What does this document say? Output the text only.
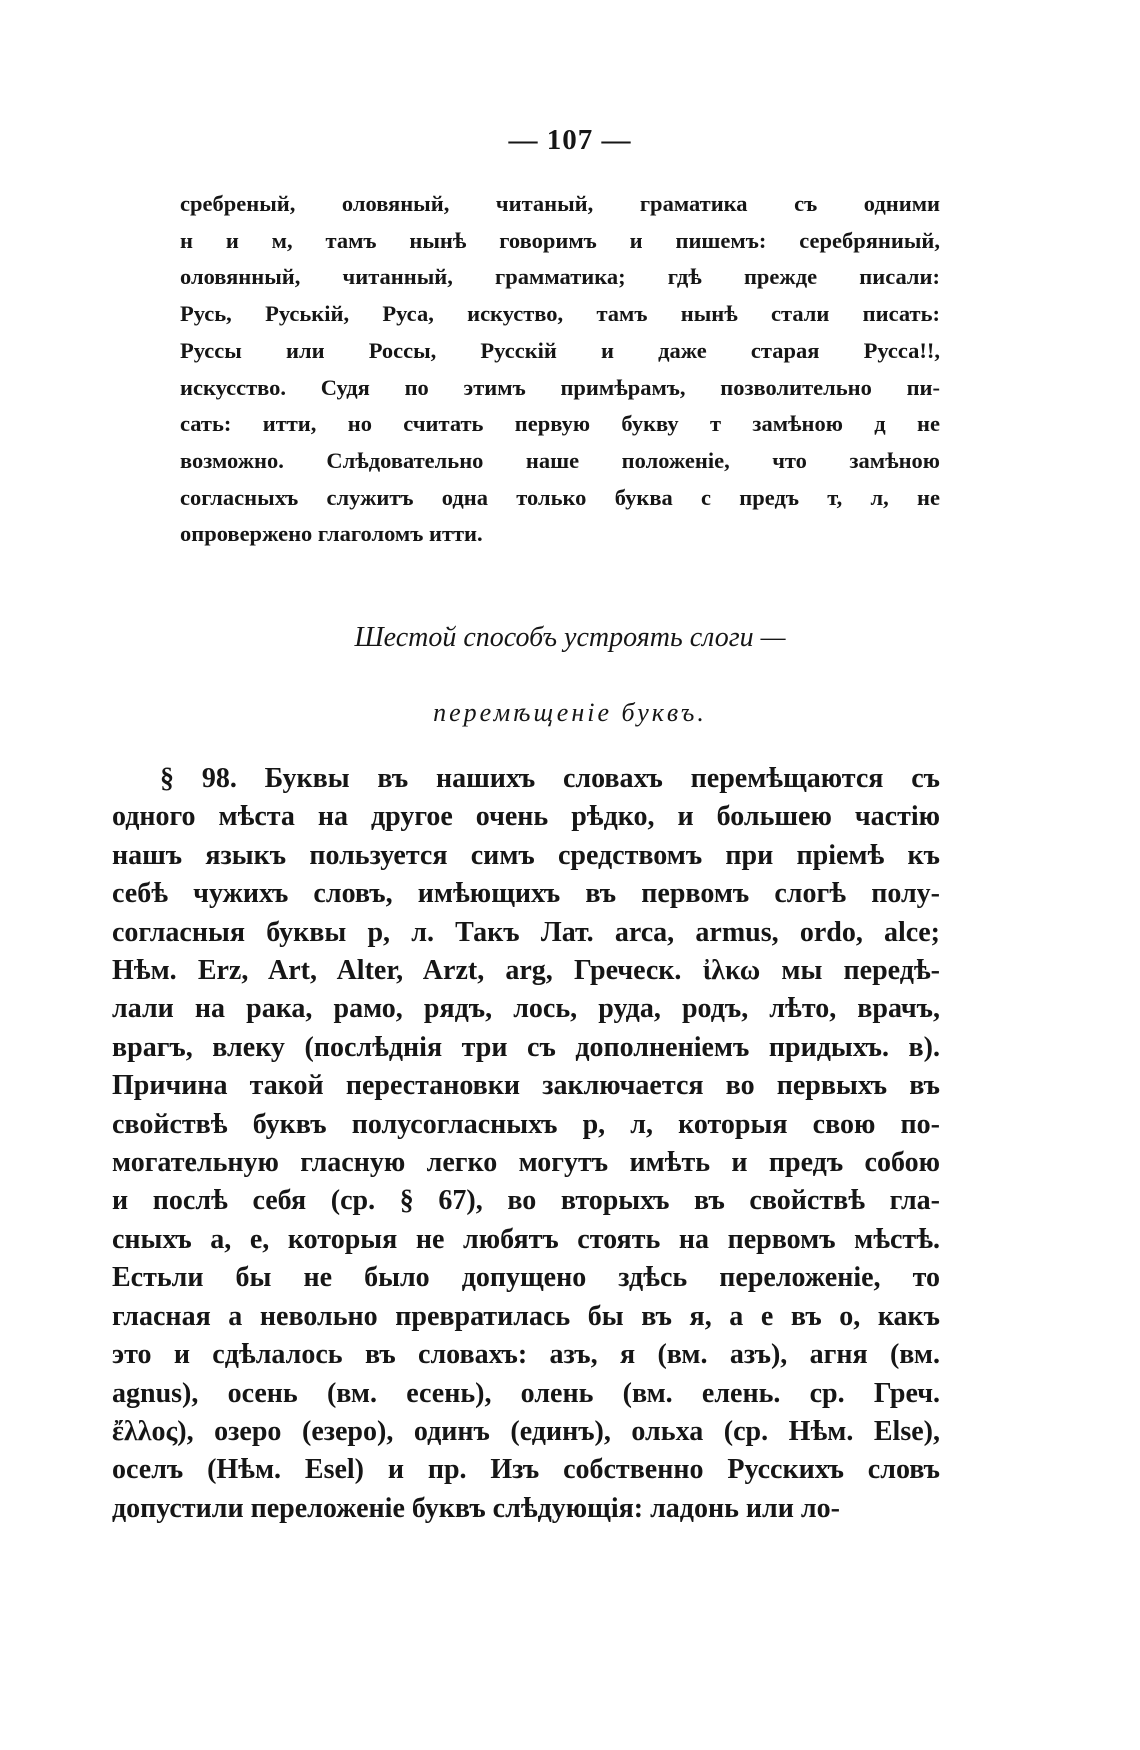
— 107 —
сребреный, оловяный, читаный, граматика съ одними
н и м, тамъ нынѣ говоримъ и пишемъ: серебряниый,
оловянный, читанный, грамматика; гдѣ прежде писали:
Русь, Руській, Руса, искуство, тамъ нынѣ стали писать:
Руссы или Россы, Русскій и даже старая Русса!!,
искусство. Судя по этимъ примѣрамъ, позволительно пи-
сать: итти, но считать первую букву т замѣною д не
возможно. Слѣдовательно наше положеніе, что замѣною
согласныхъ служитъ одна только буква с предъ т, л, не
опровержено глаголомъ итти.
Шестой способъ устроять слоги —
перемѣщеніе буквъ.
§ 98. Буквы въ нашихъ словахъ перемѣщаются съ
одного мѣста на другое очень рѣдко, и большею частію
нашъ языкъ пользуется симъ средствомъ при пріемѣ къ
себѣ чужихъ словъ, имѣющихъ въ первомъ слогѣ полу-
согласныя буквы р, л. Такъ Лат. arca, armus, ordo, alce;
Нѣм. Erz, Art, Alter, Arzt, arg, Греческ. ἰλκω мы передѣ-
лали на рака, рамо, рядъ, лось, руда, родъ, лѣто, врачъ,
врагъ, влеку (послѣднія три съ дополненіемъ придыхъ. в).
Причина такой перестановки заключается во первыхъ въ
свойствѣ буквъ полусогласныхъ р, л, которыя свою по-
могательную гласную легко могутъ имѣть и предъ собою
и послѣ себя (ср. § 67), во вторыхъ въ свойствѣ гла-
сныхъ а, е, которыя не любятъ стоять на первомъ мѣстѣ.
Естьли бы не было допущено здѣсь переложеніе, то
гласная а невольно превратилась бы въ я, а е въ о, какъ
это и сдѣлалось въ словахъ: азъ, я (вм. азъ), агня (вм.
agnus), осень (вм. есень), олень (вм. елень. ср. Греч.
ἔλλος), озеро (езеро), одинъ (единъ), ольха (ср. Нѣм. Else),
оселъ (Нѣм. Esel) и пр. Изъ собственно Русскихъ словъ
допустили переложеніе буквъ слѣдующія: ладонь или ло-
